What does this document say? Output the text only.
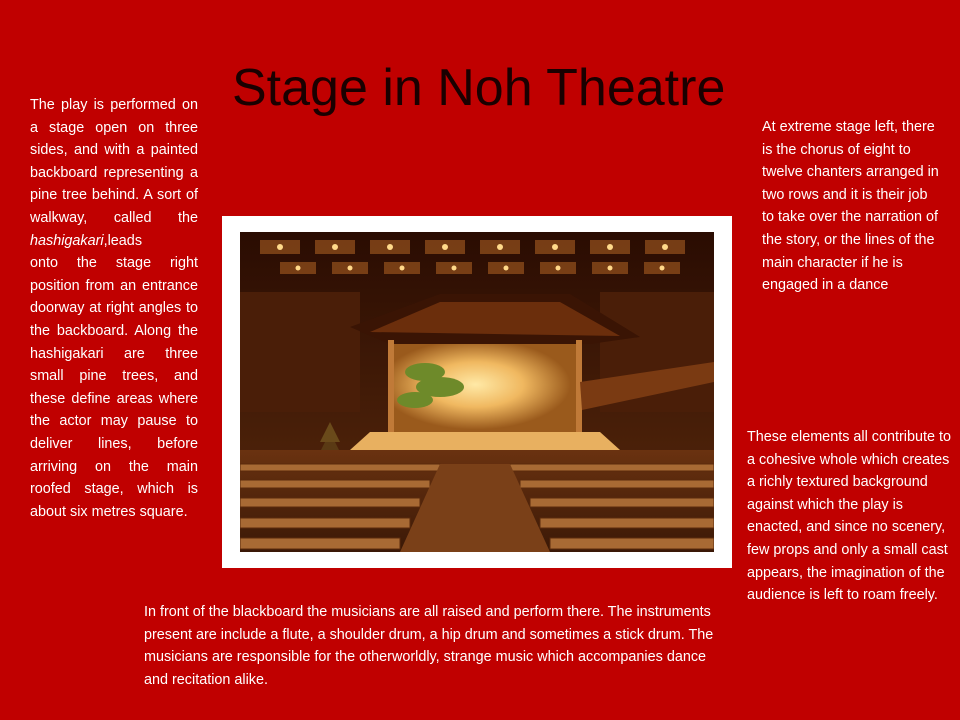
Stage in Noh Theatre
The play is performed on a stage open on three sides, and with a painted backboard representing a pine tree behind. A sort of walkway, called the hashigakari,leads
onto the stage right position from an entrance doorway at right angles to the backboard. Along the hashigakari are three small pine trees, and these define areas where the actor may pause to deliver lines, before arriving on the main roofed stage, which is about six metres square.
At extreme stage left, there is the chorus of eight to twelve chanters arranged in two rows and it is their job to take over the narration of the story, or the lines of the main character if he is engaged in a dance
These elements all contribute to a cohesive whole which creates a richly textured background against which the play is enacted, and since no scenery, few props and only a small cast appears, the imagination of the audience is left to roam freely.
In front of the blackboard the musicians are all raised and perform there. The instruments present are include a flute, a shoulder drum, a hip drum and sometimes a stick drum. The musicians are responsible for the otherworldly, strange music which accompanies dance and recitation alike.
